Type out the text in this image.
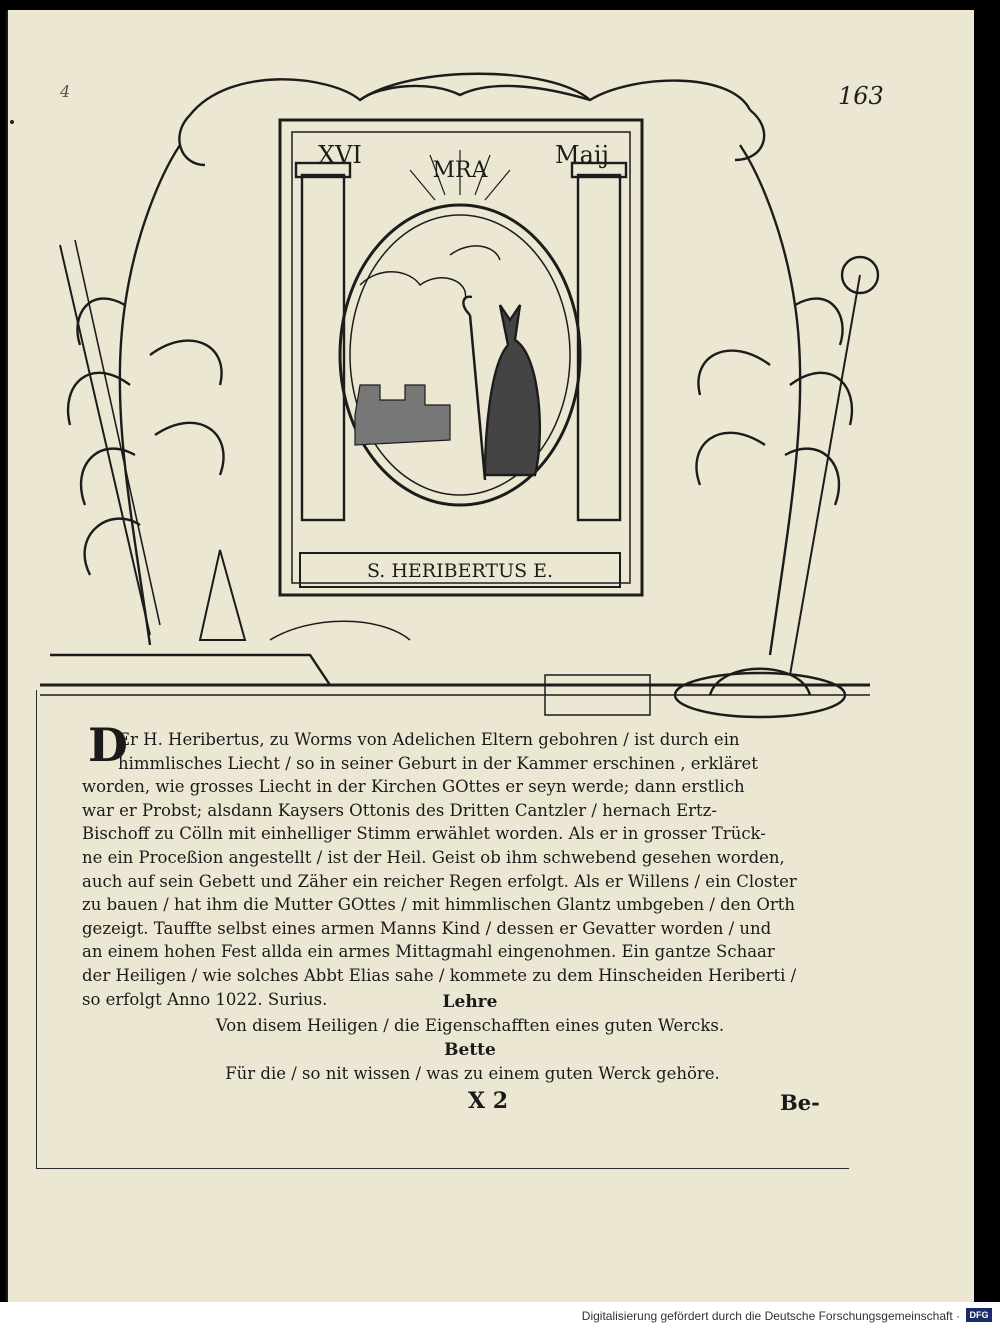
4	163
XVI
MRA
Maij
S. HERIBERTUS E.
D
Er H. Heribertus, zu Worms von Adelichen Eltern gebohren / ist durch ein
himmlisches Liecht / so in seiner Geburt in der Kammer erschinen , erkläret
worden, wie grosses Liecht in der Kirchen GOttes er seyn werde; dann erstlich
war er Probst; alsdann Kaysers Ottonis des Dritten Cantzler / hernach Ertz-
Bischoff zu Cölln mit einhelliger Stimm erwählet worden. Als er in grosser Trück-
ne ein Proceßion angestellt / ist der Heil. Geist ob ihm schwebend gesehen worden,
auch auf sein Gebett und Zäher ein reicher Regen erfolgt. Als er Willens / ein Closter
zu bauen / hat ihm die Mutter GOttes / mit himmlischen Glantz umbgeben / den Orth
gezeigt. Tauffte selbst eines armen Manns Kind / dessen er Gevatter worden / und
an einem hohen Fest allda ein armes Mittagmahl eingenohmen. Ein gantze Schaar
der Heiligen / wie solches Abbt Elias sahe / kommete zu dem Hinscheiden Heriberti /
so erfolgt Anno 1022. Surius.	Lehre
Von disem Heiligen / die Eigenschafften eines guten Wercks.
Bette
Für die / so nit wissen / was zu einem guten Werck gehöre.
X 2	Be-
Digitalisierung gefördert durch die Deutsche Forschungsgemeinschaft ·	DFG
